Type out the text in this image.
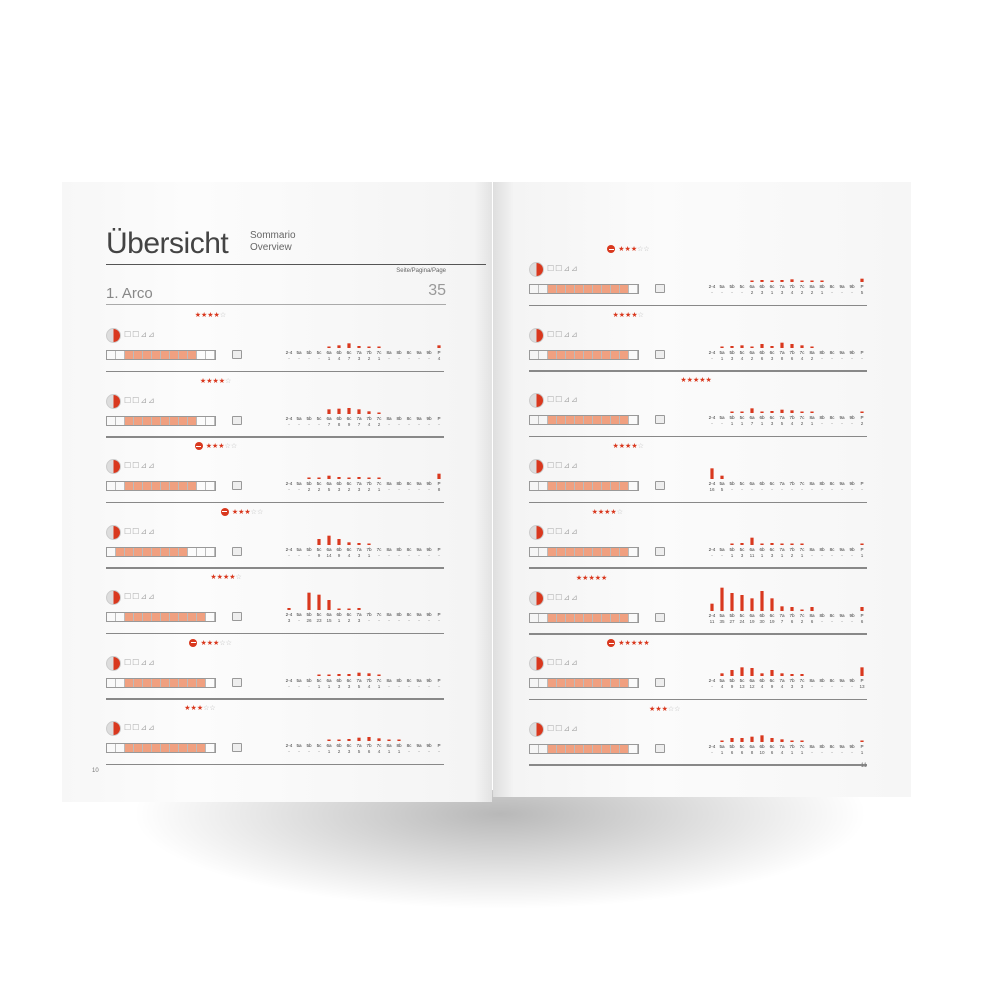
Übersicht Sommario
Overview
Seite/Pagina/Page
1. Arco	35
★★★★☆
☐☐⊿⊿
2-4
-
5a
-
5b
-
5c
-
6a
1
6b
4
6c
7
7a
3
7b
2
7c
1
8a
-
8b
-
8c
-
9a
-
9b
-
P
4
★★★★☆
☐☐⊿⊿
2-4
-
5a
-
5b
-
5c
-
6a
7
6b
8
6c
9
7a
7
7b
4
7c
2
8a
-
8b
-
8c
-
9a
-
9b
-
P
-
★★★☆☆
☐☐⊿⊿
2-4
-
5a
-
5b
2
5c
2
6a
5
6b
3
6c
2
7a
3
7b
2
7c
1
8a
-
8b
-
8c
-
9a
-
9b
-
P
8
★★★☆☆
☐☐⊿⊿
2-4
-
5a
-
5b
-
5c
9
6a
14
6b
9
6c
4
7a
3
7b
1
7c
-
8a
-
8b
-
8c
-
9a
-
9b
-
P
-
★★★★☆
☐☐⊿⊿
2-4
3
5a
-
5b
26
5c
23
6a
15
6b
1
6c
2
7a
3
7b
-
7c
-
8a
-
8b
-
8c
-
9a
-
9b
-
P
-
★★★☆☆
☐☐⊿⊿
2-4
-
5a
-
5b
-
5c
1
6a
1
6b
3
6c
3
7a
5
7b
4
7c
1
8a
-
8b
-
8c
-
9a
-
9b
-
P
-
★★★☆☆
☐☐⊿⊿
2-4
-
5a
-
5b
-
5c
-
6a
1
6b
2
6c
3
7a
5
7b
6
7c
4
8a
1
8b
1
8c
-
9a
-
9b
-
P
-
10
★★★☆☆
☐☐⊿⊿
2-4
-
5a
-
5b
-
5c
-
6a
2
6b
3
6c
1
7a
3
7b
4
7c
2
8a
2
8b
1
8c
-
9a
-
9b
-
P
5
★★★★☆
☐☐⊿⊿
2-4
-
5a
1
5b
3
5c
4
6a
2
6b
6
6c
3
7a
8
7b
6
7c
4
8a
2
8b
-
8c
-
9a
-
9b
-
P
-
★★★★★
☐☐⊿⊿
2-4
-
5a
-
5b
1
5c
1
6a
7
6b
1
6c
3
7a
5
7b
4
7c
2
8a
1
8b
-
8c
-
9a
-
9b
-
P
2
★★★★☆
☐☐⊿⊿
2-4
16
5a
5
5b
-
5c
-
6a
-
6b
-
6c
-
7a
-
7b
-
7c
-
8a
-
8b
-
8c
-
9a
-
9b
-
P
-
★★★★☆
☐☐⊿⊿
2-4
-
5a
-
5b
1
5c
3
6a
11
6b
1
6c
3
7a
1
7b
2
7c
1
8a
-
8b
-
8c
-
9a
-
9b
-
P
1
★★★★★
☐☐⊿⊿
2-4
11
5a
35
5b
27
5c
24
6a
19
6b
30
6c
19
7a
7
7b
6
7c
2
8a
6
8b
-
8c
-
9a
-
9b
-
P
6
★★★★★
☐☐⊿⊿
2-4
-
5a
4
5b
9
5c
13
6a
12
6b
4
6c
9
7a
4
7b
3
7c
3
8a
-
8b
-
8c
-
9a
-
9b
-
P
13
★★★☆☆
☐☐⊿⊿
2-4
-
5a
1
5b
6
5c
6
6a
8
6b
10
6c
6
7a
4
7b
1
7c
1
8a
-
8b
-
8c
-
9a
-
9b
-
P
1
11
